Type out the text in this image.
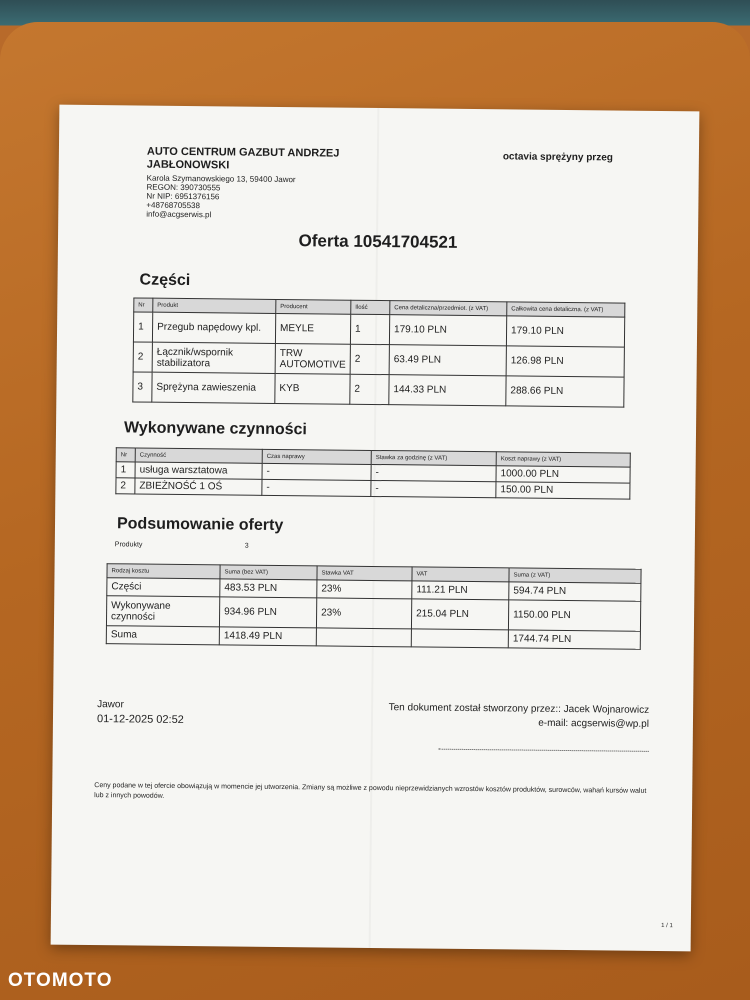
AUTO CENTRUM GAZBUT ANDRZEJ JABŁONOWSKI
Karola Szymanowskiego 13, 59400 Jawor
REGON: 390730555
Nr NIP: 6951376156
+48768705538
info@acgserwis.pl
octavia sprężyny przeg
Oferta 10541704521
Części
Nr	Produkt	Producent	Ilość	Cena detaliczna/przedmiot. (z VAT)	Całkowita cena detaliczna. (z VAT)
1	Przegub napędowy kpl.	MEYLE	1	179.10 PLN	179.10 PLN
2	Łącznik/wspornik stabilizatora	TRW AUTOMOTIVE	2	63.49 PLN	126.98 PLN
3	Sprężyna zawieszenia	KYB	2	144.33 PLN	288.66 PLN
Wykonywane czynności
Nr	Czynność	Czas naprawy	Stawka za godzinę (z VAT)	Koszt naprawy (z VAT)
1	usługa warsztatowa	-	-	1000.00 PLN
2	ZBIEŻNOŚĆ 1 OŚ	-	-	150.00 PLN
Podsumowanie oferty
Produkty	3
Rodzaj kosztu	Suma (bez VAT)	Stawka VAT	VAT	Suma (z VAT)
Części	483.53 PLN	23%	111.21 PLN	594.74 PLN
Wykonywane czynności	934.96 PLN	23%	215.04 PLN	1150.00 PLN
Suma	1418.49 PLN			1744.74 PLN
Jawor
01-12-2025 02:52
Ten dokument został stworzony przez:: Jacek Wojnarowicz
e-mail: acgserwis@wp.pl
Ceny podane w tej ofercie obowiązują w momencie jej utworzenia. Zmiany są możliwe z powodu nieprzewidzianych wzrostów kosztów produktów, surowców, wahań kursów walut lub z innych powodów.
1 / 1
OTOMOTO
